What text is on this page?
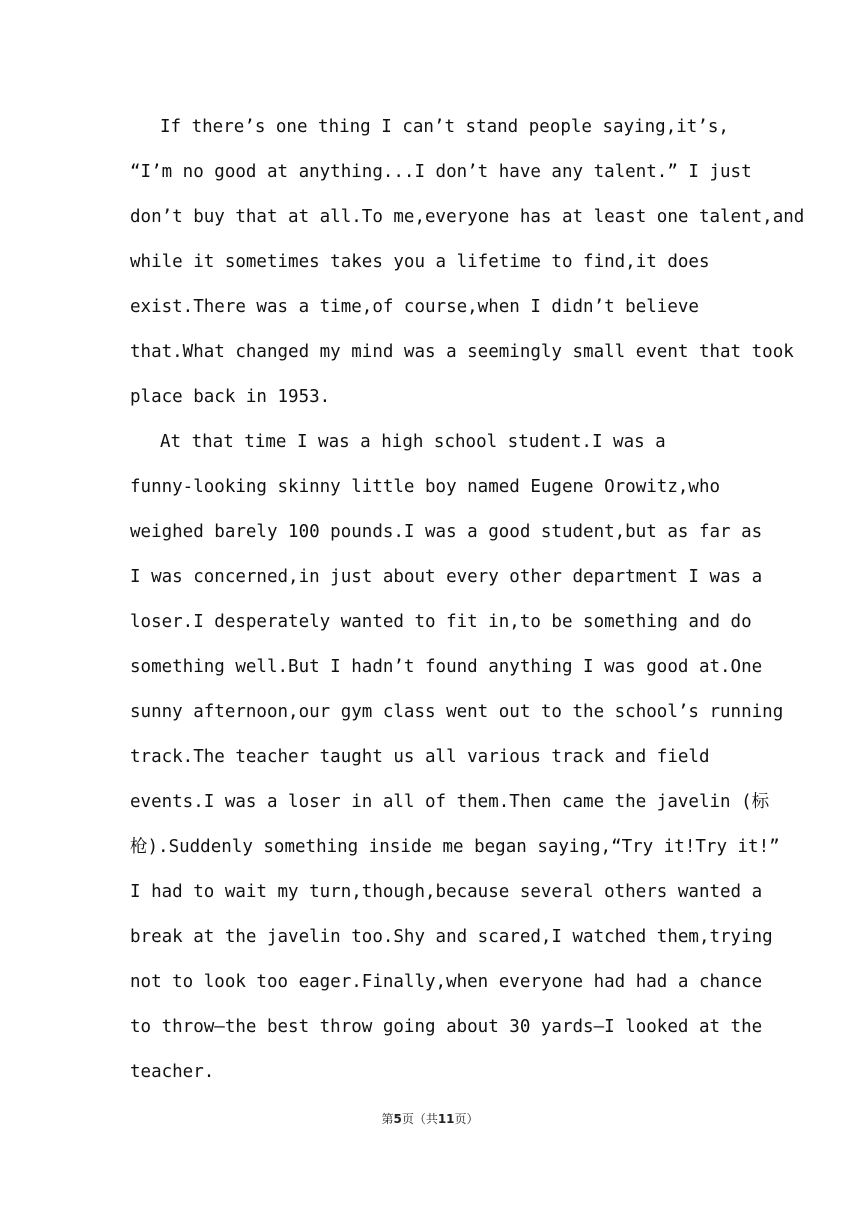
If there’s one thing I can’t stand people saying,it’s,
“I’m no good at anything...I don’t have any talent.” I just
don’t buy that at all.To me,everyone has at least one talent,and
while it sometimes takes you a lifetime to find,it does
exist.There was a time,of course,when I didn’t believe
that.What changed my mind was a seemingly small event that took
place back in 1953.
At that time I was a high school student.I was a
funny-looking skinny little boy named Eugene Orowitz,who
weighed barely 100 pounds.I was a good student,but as far as
I was concerned,in just about every other department I was a
loser.I desperately wanted to fit in,to be something and do
something well.But I hadn’t found anything I was good at.One
sunny afternoon,our gym class went out to the school’s running
track.The teacher taught us all various track and field
events.I was a loser in all of them.Then came the javelin (标
枪).Suddenly something inside me began saying,“Try it!Try it!”
I had to wait my turn,though,because several others wanted a
break at the javelin too.Shy and scared,I watched them,trying
not to look too eager.Finally,when everyone had had a chance
to throw—the best throw going about 30 yards—I looked at the
teacher.
第5页（共11页）
